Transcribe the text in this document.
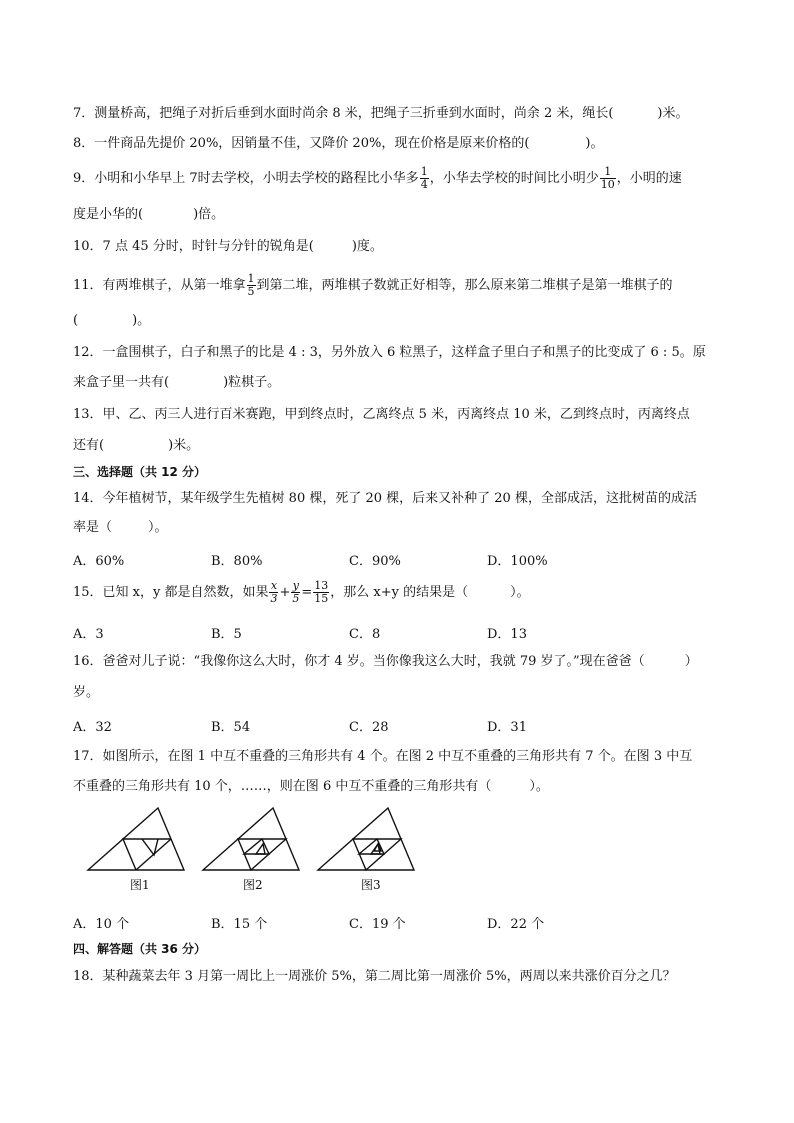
7．测量桥高，把绳子对折后垂到水面时尚余 8 米，把绳子三折垂到水面时，尚余 2 米，绳长(	)米。
8．一件商品先提价 20%，因销量不佳，又降价 20%，现在价格是原来价格的(	)。
9．小明和小华早上 7时去学校，小明去学校的路程比小华多 $\frac{1}{4}$ ，小华去学校的时间比小明少 $\frac{1}{10}$ ，小明的速
度是小华的(	)倍。
10．7 点 45 分时，时针与分针的锐角是(	)度。
11．有两堆棋子，从第一堆拿 $\frac{1}{5}$ 到第二堆，两堆棋子数就正好相等，那么原来第二堆棋子是第一堆棋子的
(	)。
12．一盒围棋子，白子和黑子的比是 4 : 3，另外放入 6 粒黑子，这样盒子里白子和黑子的比变成了 6 : 5。原
来盒子里一共有(	)粒棋子。
13．甲、乙、丙三人进行百米赛跑，甲到终点时，乙离终点 5 米，丙离终点 10 米，乙到终点时，丙离终点
还有(	)米。
三、选择题（共 12 分）
14．今年植树节，某年级学生先植树 80 棵，死了 20 棵，后来又补种了 20 棵，全部成活，这批树苗的成活
率是（	）。
A．60%	B．80%	C．90%	D．100%
15．已知 x，y 都是自然数，如果 $\frac{x}{3} + \frac{y}{5} = \frac{13}{15}$ ，那么 x+y 的结果是（	）。
A．3	B．5	C．8	D．13
16．爸爸对儿子说：“我像你这么大时，你才 4 岁。当你像我这么大时，我就 79 岁了。”现在爸爸（	）
岁。
A．32	B．54	C．28	D．31
17．如图所示，在图 1 中互不重叠的三角形共有 4 个。在图 2 中互不重叠的三角形共有 7 个。在图 3 中互
不重叠的三角形共有 10 个，……，则在图 6 中互不重叠的三角形共有（	）。
图1	图2	图3
A．10 个	B．15 个	C．19 个	D．22 个
四、解答题（共 36 分）
18．某种蔬菜去年 3 月第一周比上一周涨价 5%，第二周比第一周涨价 5%，两周以来共涨价百分之几？
